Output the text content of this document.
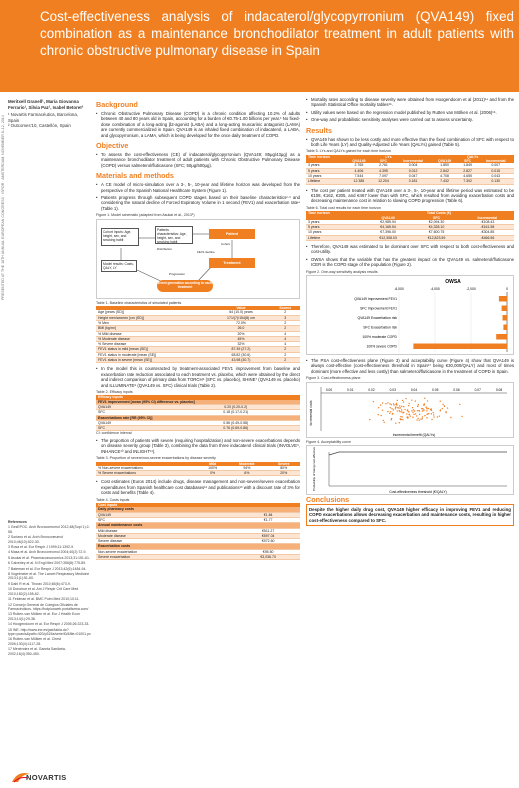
Cost-effectiveness analysis of indacaterol/glycopyrronium (QVA149) fixed combination as a maintenance bronchodilator treatment in adult patients with chronic obstructive pulmonary disease in Spain
PRESENTED AT THE 18TH ANNUAL EUROPEAN CONGRESS · ISPOR · AMSTERDAM, NOVEMBER 8–12, 2014
Meritxell Granell¹, María Giovanna Ferrario¹, Silvia Paz¹, Isabel Betoret²
¹ Novartis Farmacéutica, Barcelona, Spain
² Outcomes'10, Castellón, Spain
References
1 GesEPOC. Arch Bronconeumol 2012;48(Supl 1):2-58.
2 Soriano et al. Arch Bronconeumol 2010;46(10):522-30.
3 Rosa et al. Eur Respir J 1999;11:1392-9.
4 Masa et al. Arch Bronconeumol 2004;40(2):72-9.
5 Asukai et al. Pharmacoeconomics 2013;31:151-61.
6 Calverley et al. N Engl Med 2007;356(8):775-89.
7 Bateman et al. Eur Respir J 2013;42(6):1484-94.
8 Vogelmeier et al. The Lancet Respiratory Medicine 2013;1(1):51-60.
9 Dahl R et al. Thorax 2010;65(6):473-9.
10 Donohue et al. Am J Respir Crit Care Med 2010;182(2):155-62.
11 Feldman et al. BMC Pulm Med 2010;10:11.
12 Consejo General de Colegios Oficiales de Farmacéuticos. https://botplusweb.portalfarma.com/
13 Rutten-van Mölken et al. Eur J Health Econ 2013;14(1):29-38.
14 Hoogendoorn et al. Eur Respir J 2005;26:223-33.
15 INE. http://www.ine.es/jaxi/tabla.do?type=pcaxis&path=/t20/p319a/serie/l0/&file=01001.px
16 Rutten-van Mölken et al. Chest 2006;130(4):1117-28.
17 Menéndez et al. Gaceta Sanitaria, 2002;16(4):350-450.
Background
• Chronic Obstructive Pulmonary Disease (COPD) is a chronic condition affecting 10.2% of adults between 40 and 80 years old in Spain, accounting for a burden of €0.75-1.00 billions per year.¹ No fixed-dose combination of a long-acting β2-agonist (LABA) and a long-acting muscarinic antagonist (LAMA) are currently commercialized in Spain. QVA149 is an inhaled fixed combination of indacaterol, a LABA, and glycopyrronium, a LAMA, which is being developed for the once daily treatment of COPD.
Objective
• To assess the cost-effectiveness (CE) of indacaterol/glycopyrronium (QVA149; 85μg/43μg) as a maintenance bronchodilator treatment of adult patients with Chronic Obstructive Pulmonary Disease (COPD) versus salmeterol/fluticasone (SFC; 50μg/500μg).
Materials and methods
• A CE model of micro-simulation over a 3-, 5-, 10-year and lifetime horizon was developed from the perspective of the Spanish National Healthcare System (Figure 1).
• Patients progress through subsequent COPD stages based on their baseline characteristics²·³ and considering the natural decline of Forced Expiratory Volume in 1 second (FEV1) and exacerbation rate⁴ (Table 1).
Figure 1. Model schematic (adapted from Asukai et al., 2013⁵)
Cohort Inputs: Age, height, sex, and smoking habit
Patients characteristics: Age, height, sex, and smoking habit
Patient
Treatment
Model results: Costs, QALY, LY
Event generation according to each treatment
Distribution
Cohort
FEV1 decline
Progression
Table 1. Baseline characteristics of simulated patients
	Value	Source
Age [years (SD)]	64 (10.0) years	2
Height men/women [cm (SD)]	171/(7)/154(8) cm	3
% Men	72.0%	2
BMI [kg/m²]	26.0	2
% Mild disease	20%	4
% Moderate disease	45%	4
% Severe disease	32%	4
FEV1 status in mild [mean (SE)]	87.39 (27.2)	2
FEV1 status in moderate [mean (SE)]	68.82 (30.6)	2
FEV1 status in severe [mean (SE)]	43.98 (30.7)	2
• In the model this is counteracted by treatment-associated FEV1 improvement from baseline and exacerbation rate reduction associated to each treatment vs. placebo, which were obtained by the direct and indirect comparison of primary data from TORCH⁶ (SFC vs. placebo), SHINE⁷ (QVA149 vs. placebo) and ILLUMINATE⁸ (QVA149 vs. SFC) clinical trials (Table 2).
Table 2. Efficacy inputs
Efficacy inputs	
FEV1 improvement [mean (95% CI) difference vs. placebo]	
QVA149	0.20 (0.20-0.2)
SFC	0.18 (0.17-0.21)
Exacerbations rate [RR (95% CI)]	
QVA149	0.56 (0.49-0.58)
SFC	0.76 (0.69-0.86)
CI: confidence interval
• The proportion of patients with severe (requiring hospitalization) and non-severe exacerbations depends on disease severity group (Table 3), combining the data from three indacaterol clinical trials (INVOLVE⁹, INHANCE¹⁰ and INLIGHT¹¹).
Table 3. Proportion of severe/non-severe exacerbations by disease severity
	Mild	Moderate	Severe
% Non-severe exacerbations	100%	94%	80%
% Severe exacerbations	0%	6%	20%
• Cost estimates (Euros 2014) include drugs, disease management and non-severe/severe exacerbation expenditures from Spanish healthcare cost databases¹² and publications¹³ with a discount rate of 3% for costs and benefits (Table 4).
Table 4. Costs inputs
Cost inputs	
Daily pharmacy costs	
QVA149	€1.84
SFC	€1.77
Annual maintenance costs	
Mild disease	€511.27
Moderate disease	€597.04
Severe disease	€972.60
Exacerbation costs	
Non-severe exacerbation	€95.50
Severe exacerbation	€3,036.70
• Mortality rates according to disease severity were obtained from Hoogendoorn et al (2011)¹⁴ and from the Spanish Statistical Office mortality tables¹⁵.
• Utility values were based on the regression model published by Rutten van Mölken et al. (2006)¹⁶.
• One-way and probabilistic sensitivity analyses were carried out to assess uncertainty.
Results
• QVA149 has shown to be less costly and more effective than the fixed combination of SFC with respect to both Life Years (LY) and Quality-Adjusted Life Years (QALYs) gained (Table 5).
Table 5. LYs and QALYs gained for each time horizon
Time horizon	LYs			QALYs		
	QVA149	SFC	Incremental	QVA149	SFC	Incremental
3 years	2.765	2.761	0.004	1.850	1.849	0.007
5 years	4.406	4.395	0.012	2.842	2.827	0.015
10 years	7.544	7.097	0.047	4.708	4.655	0.043
Lifetime	12.385	12.204	0.181	7.432	7.302	0.130
• The cost per patient treated with QVA149 over a 3-, 5-, 10-year and lifetime period was estimated to be €108, €162, €305, and €467 lower than with SFC, which resulted from avoiding exacerbation costs and decreasing maintenance cost in relation to slowing COPD progression (Table 6).
Table 6. Total cost results for each time horizon
Time horizon	Total Costs (€)		
	QVA149	SFC	Incremental
3 years	€2,985.94	€2,094.30	-€108.43
5 years	€4,165.54	€4,328.10	-€161.58
10 years	€7,396.00	€7,600.75	-€304.85
Lifetime	€12,308.03	€12,823.59	-€466.56
• Therefore, QVA149 was estimated to be dominant over SFC with respect to both cost-effectiveness and cost-utility.
• OWSA shows that the variable that has the greatest impact on the QVA149 vs. salmeterol/fluticasone ICER is the COPD stage of the population (Figure 2).
Figure 2. One-way sensitivity analysis results
OWSA
-6,000	-4,000	-2,000	0
QVA149 Improvement FEV1
SFC Improvement FEV1
QVA149 Exacerbation risk
SFC Exacerbation risk
100% moderate COPD
100% severe COPD
• The PSA cost-effectiveness plane (Figure 3) and acceptability curve (Figure 4) show that QVA149 is always cost-effective (cost-effectiveness threshold in Spain¹⁷ being €30,000/QALY) and most of times dominant (more effective and less costly) than salmeterol/fluticasone in the treatment of COPD in Spain.
Figure 3. Cost-effectiveness plane
0.00	0.01	0.02	0.03	0.04	0.05	0.06	0.07	0.08
Incremental benefit (QALYs)
Incremental costs
Figure 4. Acceptability curve
Cost-effectiveness threshold (€/QALY)
Probability of being cost-effective
Conclusions
Despite the higher daily drug cost, QVA149 higher efficacy in improving FEV1 and reducing COPD exacerbations allows decreasing exacerbation and maintenance costs, resulting in higher cost-effectiveness compared to SFC.
NOVARTIS
